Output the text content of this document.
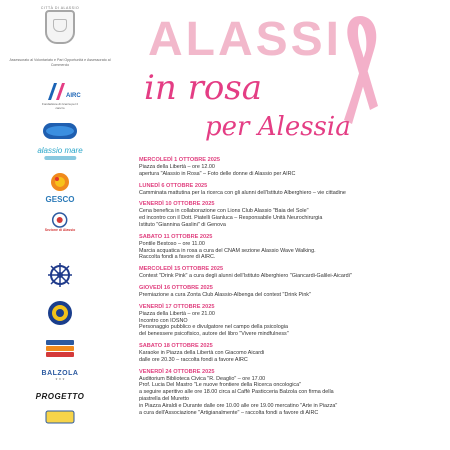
CITTÀ DI ALASSIO
Assessorato al Volontariato e Pari Opportunità e Assessorato al Commercio
AIRC
Fondazione di ricerca per il cancro
alassio mare
GESCO
Sezione di Alassio
BALZOLA
★ ★ ★
PROGETTO
ALASSI
in rosa
per Alessia
MERCOLEDÌ 1 OTTOBRE 2025
Piazza della Libertà – ore 12.00
apertura "Alassio in Rosa" – Foto delle donne di Alassio per AIRC
LUNEDÌ 6 OTTOBRE 2025
Camminata mattutina per la ricerca con gli alunni dell'Istituto Alberghiero – vie cittadine
VENERDÌ 10 OTTOBRE 2025
Cena benefica in collaborazione con Lions Club Alassio "Baia del Sole"
ed incontro con il Dott. Piatelli Gianluca – Responsabile Unità Neurochirurgia
Istituto "Giannina Gaslini" di Genova
SABATO 11 OTTOBRE 2025
Pontile Bestoso – ore 11.00
Marcia acquatica in rosa a cura del CNAM sezione Alassio Wave Walking.
Raccolta fondi a favore di AIRC.
MERCOLEDÌ 15 OTTOBRE 2025
Contest "Drink Pink" a cura degli alunni dell'Istituto Alberghiero "Giancardi-Galilei-Aicardi"
GIOVEDÌ 16 OTTOBRE 2025
Premiazione a cura Zonta Club Alassio-Albenga del contest "Drink Pink"
VENERDÌ 17 OTTOBRE 2025
Piazza della Libertà – ore 21.00
Incontro con IOSNO
Personaggio pubblico e divulgatore nel campo della psicologia
del benessere psicofisico, autore del libro "Vivere mindfulness"
SABATO 18 OTTOBRE 2025
Karaoke in Piazza della Libertà con Giacomo Aicardi
dalle ore 20.30 – raccolta fondi a favore AIRC
VENERDÌ 24 OTTOBRE 2025
Auditorium Biblioteca Civica "R. Deaglio" – ore 17.00
Prof. Lucia Del Mastro "Le nuove frontiere della Ricerca oncologica"
a seguire aperitivo alle ore 18.00 circa al Caffè Pasticceria Balzola con firma della
piastrella del Muretto
in Piazza Airaldi e Durante dalle ore 10.00 alle ore 19.00 mercatino "Arte in Piazza"
a cura dell'Associazione "Artigianalmente" – raccolta fondi a favore di AIRC
